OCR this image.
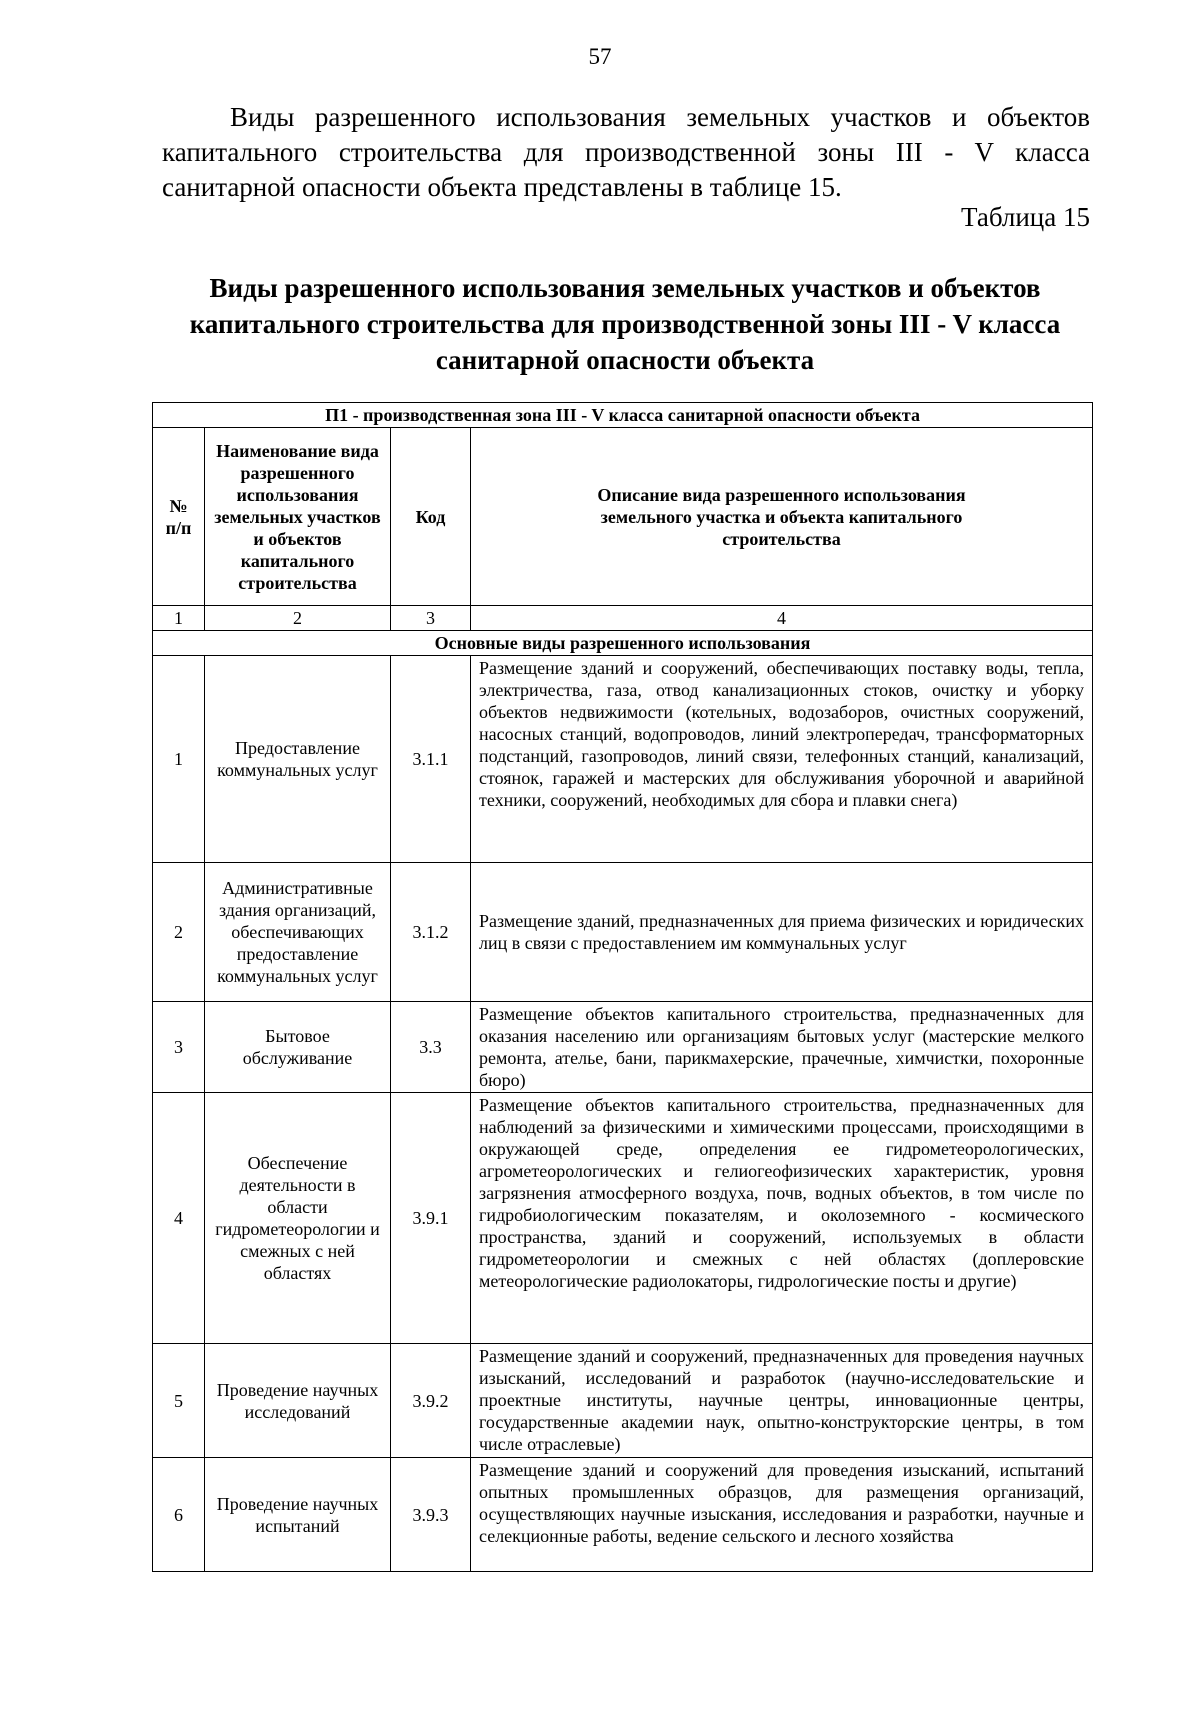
57

Виды разрешенного использования земельных участков и объектов капитального строительства для производственной зоны III - V класса санитарной опасности объекта представлены в таблице 15.

Таблица 15
Виды разрешенного использования земельных участков и объектов капитального строительства для производственной зоны III - V класса санитарной опасности объекта
П1 - производственная зона III - V класса санитарной опасности объекта			
№ п/п	Наименование вида разрешенного использования земельных участков и объектов капитального строительства	Код	Описание вида разрешенного использования земельного участка и объекта капитального строительства
1	2	3	4
Основные виды разрешенного использования			
1	Предоставление коммунальных услуг	3.1.1	Размещение зданий и сооружений, обеспечивающих поставку воды, тепла, электричества, газа, отвод канализационных стоков, очистку и уборку объектов недвижимости (котельных, водозаборов, очистных сооружений, насосных станций, водопроводов, линий электропередач, трансформаторных подстанций, газопроводов, линий связи, телефонных станций, канализаций, стоянок, гаражей и мастерских для обслуживания уборочной и аварийной техники, сооружений, необходимых для сбора и плавки снега)
2	Административные здания организаций, обеспечивающих предоставление коммунальных услуг	3.1.2	Размещение зданий, предназначенных для приема физических и юридических лиц в связи с предоставлением им коммунальных услуг
3	Бытовое обслуживание	3.3	Размещение объектов капитального строительства, предназначенных для оказания населению или организациям бытовых услуг (мастерские мелкого ремонта, ателье, бани, парикмахерские, прачечные, химчистки, похоронные бюро)
4	Обеспечение деятельности в области гидрометеорологии и смежных с ней областях	3.9.1	Размещение объектов капитального строительства, предназначенных для наблюдений за физическими и химическими процессами, происходящими в окружающей среде, определения ее гидрометеорологических, агрометеорологических и гелиогеофизических характеристик, уровня загрязнения атмосферного воздуха, почв, водных объектов, в том числе по гидробиологическим показателям, и околоземного - космического пространства, зданий и сооружений, используемых в области гидрометеорологии и смежных с ней областях (доплеровские метеорологические радиолокаторы, гидрологические посты и другие)
5	Проведение научных исследований	3.9.2	Размещение зданий и сооружений, предназначенных для проведения научных изысканий, исследований и разработок (научно-исследовательские и проектные институты, научные центры, инновационные центры, государственные академии наук, опытно-конструкторские центры, в том числе отраслевые)
6	Проведение научных испытаний	3.9.3	Размещение зданий и сооружений для проведения изысканий, испытаний опытных промышленных образцов, для размещения организаций, осуществляющих научные изыскания, исследования и разработки, научные и селекционные работы, ведение сельского и лесного хозяйства
